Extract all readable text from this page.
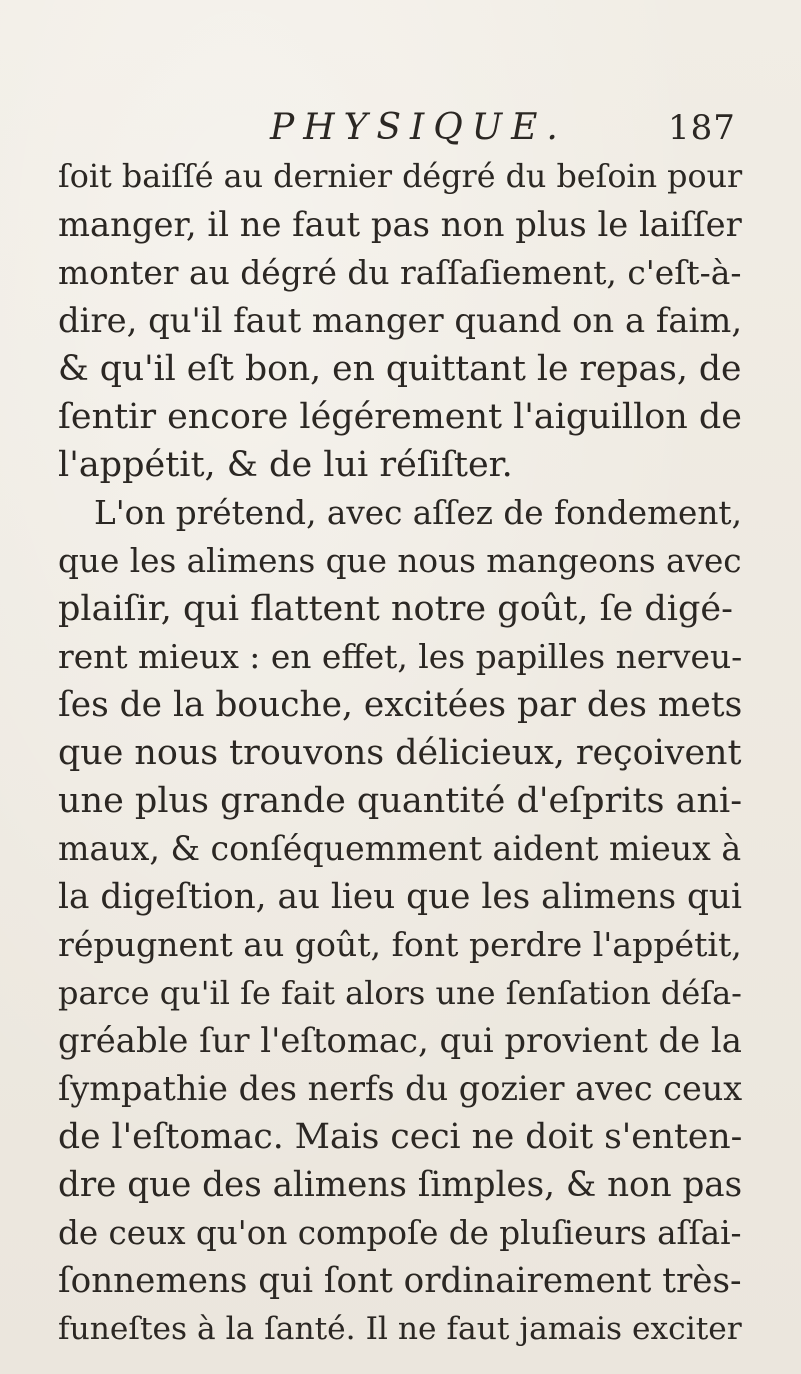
PHYSIQUE.	187
ſoit baiſſé au dernier dégré du beſoin pour
manger, il ne faut pas non plus le laiſſer
monter au dégré du raſſaſiement, c'eſt-à-
dire, qu'il faut manger quand on a faim,
& qu'il eſt bon, en quittant le repas, de
ſentir encore légérement l'aiguillon de
l'appétit, & de lui réſiſter.
L'on prétend, avec aſſez de fondement,
que les alimens que nous mangeons avec
plaiſir, qui flattent notre goût, ſe digé-
rent mieux : en effet, les papilles nerveu-
ſes de la bouche, excitées par des mets
que nous trouvons délicieux, reçoivent
une plus grande quantité d'eſprits ani-
maux, & conſéquemment aident mieux à
la digeſtion, au lieu que les alimens qui
répugnent au goût, font perdre l'appétit,
parce qu'il ſe fait alors une ſenſation déſa-
gréable ſur l'eſtomac, qui provient de la
ſympathie des nerfs du gozier avec ceux
de l'eſtomac. Mais ceci ne doit s'enten-
dre que des alimens ſimples, & non pas
de ceux qu'on compoſe de pluſieurs aſſai-
ſonnemens qui ſont ordinairement très-
funeſtes à la ſanté. Il ne faut jamais exciter
